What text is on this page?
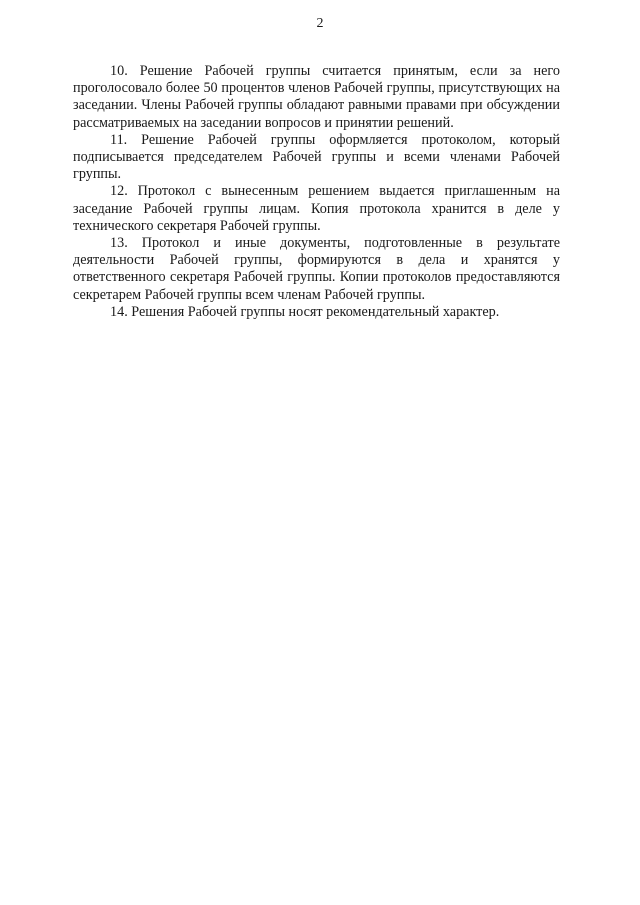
2

10. Решение Рабочей группы считается принятым, если за него проголосовало более 50 процентов членов Рабочей группы, присутствующих на заседании. Члены Рабочей группы обладают равными правами при обсуждении рассматриваемых на заседании вопросов и принятии решений.

11. Решение Рабочей группы оформляется протоколом, который подписывается председателем Рабочей группы и всеми членами Рабочей группы.

12. Протокол с вынесенным решением выдается приглашенным на заседание Рабочей группы лицам. Копия протокола хранится в деле у технического секретаря Рабочей группы.

13. Протокол и иные документы, подготовленные в результате деятельности Рабочей группы, формируются в дела и хранятся у ответственного секретаря Рабочей группы. Копии протоколов предоставляются секретарем Рабочей группы всем членам Рабочей группы.

14. Решения Рабочей группы носят рекомендательный характер.
